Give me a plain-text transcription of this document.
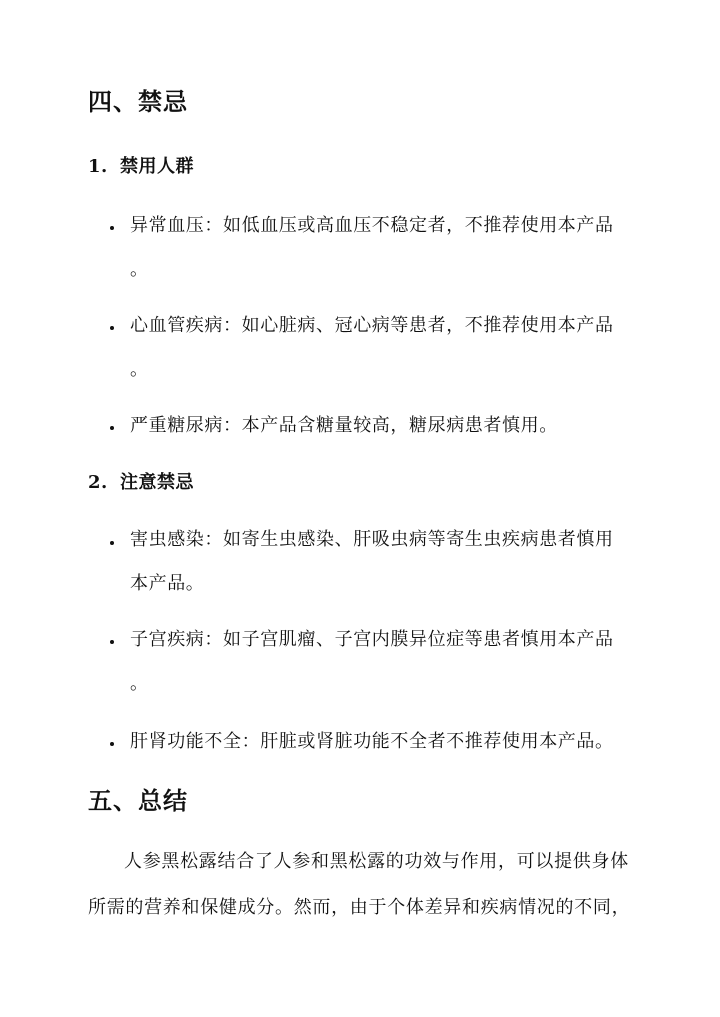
四、禁忌
1. 禁用人群
异常血压：如低血压或高血压不稳定者，不推荐使用本产品
。
心血管疾病：如心脏病、冠心病等患者，不推荐使用本产品
。
严重糖尿病：本产品含糖量较高，糖尿病患者慎用。
2. 注意禁忌
害虫感染：如寄生虫感染、肝吸虫病等寄生虫疾病患者慎用
本产品。
子宫疾病：如子宫肌瘤、子宫内膜异位症等患者慎用本产品
。
肝肾功能不全：肝脏或肾脏功能不全者不推荐使用本产品。
五、总结
人参黑松露结合了人参和黑松露的功效与作用，可以提供身体
所需的营养和保健成分。然而，由于个体差异和疾病情况的不同，
